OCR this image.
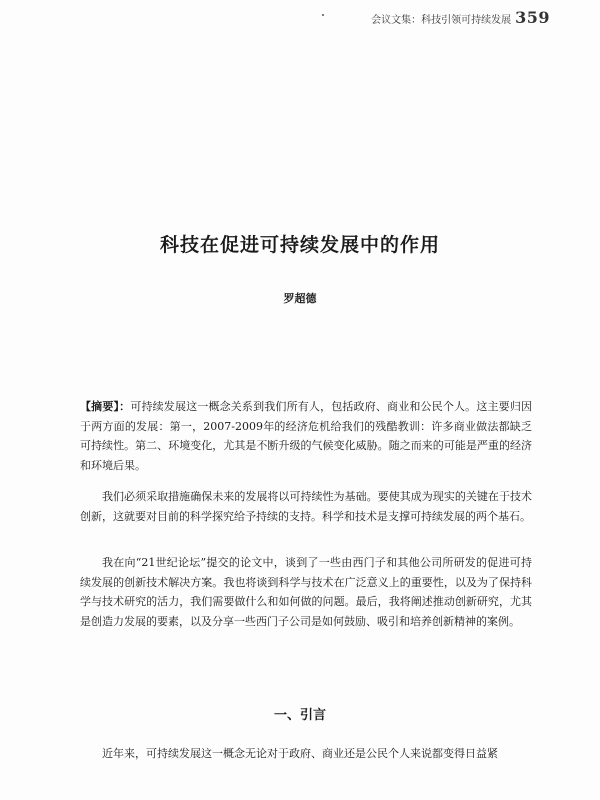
会议文集：科技引领可持续发展 359
科技在促进可持续发展中的作用
罗超德

【摘要】：可持续发展这一概念关系到我们所有人，包括政府、商业和公民个人。这主要归因于两方面的发展：第一，2007-2009年的经济危机给我们的残酷教训：许多商业做法都缺乏可持续性。第二、环境变化，尤其是不断升级的气候变化威胁。随之而来的可能是严重的经济和环境后果。

我们必须采取措施确保未来的发展将以可持续性为基础。要使其成为现实的关键在于技术创新，这就要对目前的科学探究给予持续的支持。科学和技术是支撑可持续发展的两个基石。

我在向“21世纪论坛”提交的论文中，谈到了一些由西门子和其他公司所研发的促进可持续发展的创新技术解决方案。我也将谈到科学与技术在广泛意义上的重要性，以及为了保持科学与技术研究的活力，我们需要做什么和如何做的问题。最后，我将阐述推动创新研究，尤其是创造力发展的要素，以及分享一些西门子公司是如何鼓励、吸引和培养创新精神的案例。

一、引言

近年来，可持续发展这一概念无论对于政府、商业还是公民个人来说都变得日益紧
